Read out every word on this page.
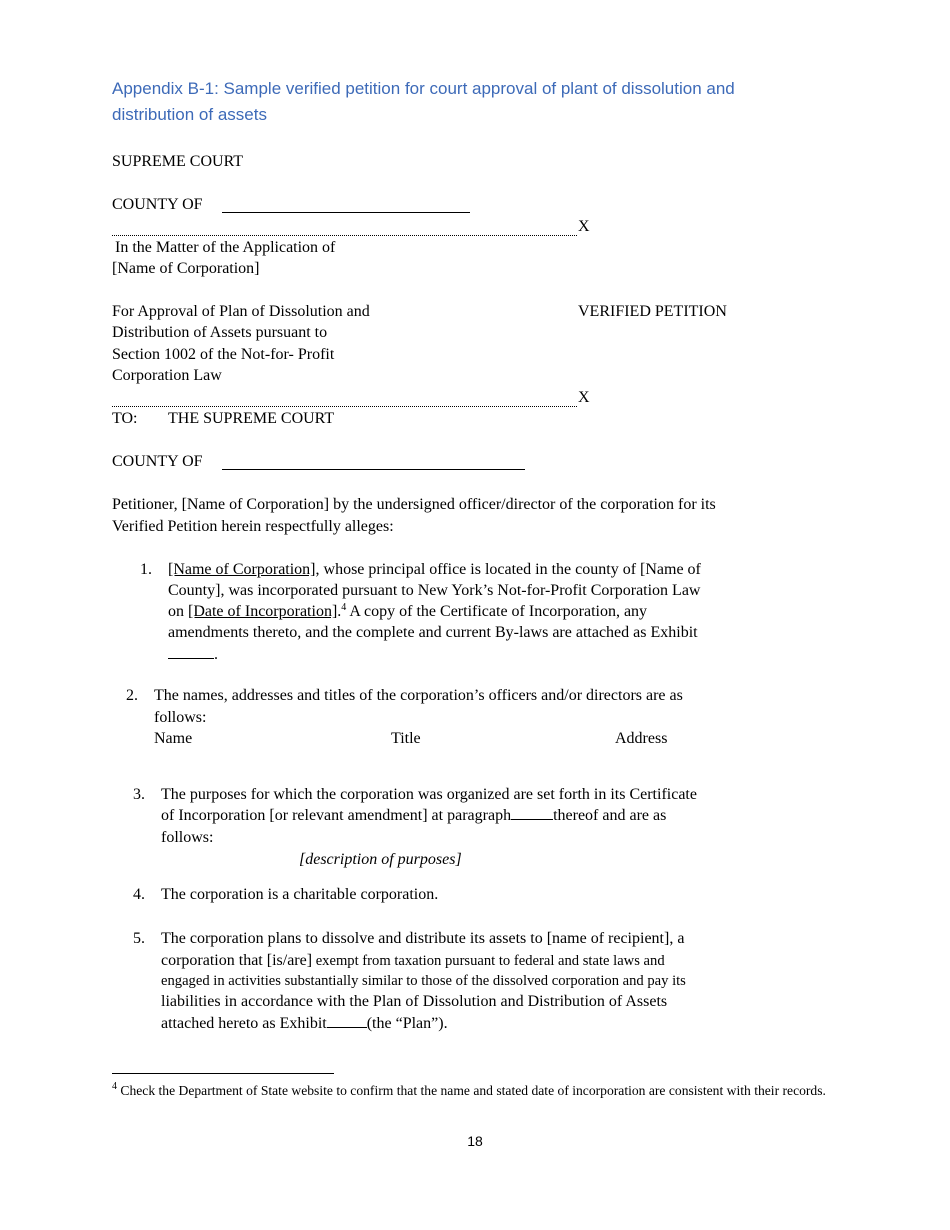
Appendix B-1: Sample verified petition for court approval of plant of dissolution and distribution of assets
SUPREME COURT
COUNTY OF
X
In the Matter of the Application of
[Name of Corporation]
For Approval of Plan of Dissolution and
Distribution of Assets pursuant to
Section 1002 of the Not-for- Profit
Corporation Law
VERIFIED PETITION
X
TO: THE SUPREME COURT
COUNTY OF
Petitioner, [Name of Corporation] by the undersigned officer/director of the corporation for its
Verified Petition herein respectfully alleges:
1. [Name of Corporation], whose principal office is located in the county of [Name of
County], was incorporated pursuant to New York’s Not-for-Profit Corporation Law
on [Date of Incorporation].$^4$ A copy of the Certificate of Incorporation, any
amendments thereto, and the complete and current By-laws are attached as Exhibit
.
2. The names, addresses and titles of the corporation’s officers and/or directors are as
follows:
Name	Title	Address
3. The purposes for which the corporation was organized are set forth in its Certificate
of Incorporation [or relevant amendment] at paragraph	thereof and are as
follows:
[description of purposes]
4. The corporation is a charitable corporation.
5. The corporation plans to dissolve and distribute its assets to [name of recipient], a
corporation that [is/are] exempt from taxation pursuant to federal and state laws and
engaged in activities substantially similar to those of the dissolved corporation and pay its
liabilities in accordance with the Plan of Dissolution and Distribution of Assets
attached hereto as Exhibit	(the “Plan”).
$^4$ Check the Department of State website to confirm that the name and stated date of incorporation are consistent with their records.
18
